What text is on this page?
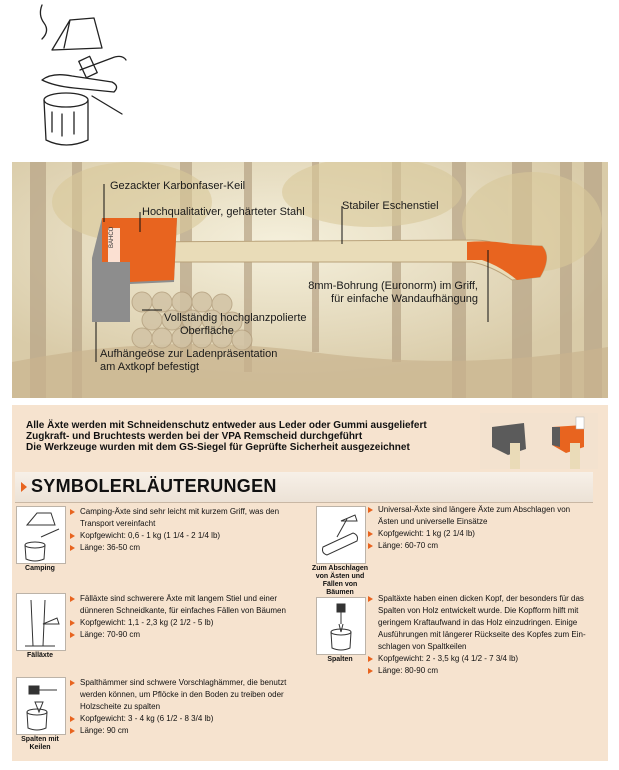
BAHCO
Gezackter Karbonfaser-Keil
Hochqualitativer, gehärteter Stahl	Stabiler Eschenstiel
8mm-Bohrung (Euronorm) im Griff,
für einfache Wandaufhängung
Vollständig hochglanzpolierte
Oberfläche
Aufhängeöse zur Ladenpräsentation
am Axtkopf befestigt
Alle Äxte werden mit Schneidenschutz entweder aus Leder oder Gummi ausgeliefert
Zugkraft- und Bruchtests werden bei der VPA Remscheid durchgeführt
Die Werkzeuge wurden mit dem GS-Siegel für Geprüfte Sicherheit ausgezeichnet
SYMBOLERLÄUTERUNGEN
Camping
Camping-Äxte sind sehr leicht mit kurzem Griff, was den
Transport vereinfacht
Kopfgewicht: 0,6 - 1 kg (1 1/4 - 2 1/4 lb)
Länge: 36-50 cm
Fälläxte
Fälläxte sind schwerere Äxte mit langem Stiel und einer
dünneren Schneidkante, für einfaches Fällen von Bäumen
Kopfgewicht: 1,1 - 2,3 kg (2 1/2 - 5 lb)
Länge: 70-90 cm
Spalten mit
Keilen
Spalthämmer sind schwere Vorschlaghämmer, die benutzt
werden können, um Pflöcke in den Boden zu treiben oder
Holzscheite zu spalten
Kopfgewicht: 3 - 4 kg (6 1/2 - 8 3/4 lb)
Länge: 90 cm
Zum Abschlagen
von Ästen und
Fällen von Bäumen
Universal-Äxte sind längere Äxte zum Abschlagen von
Ästen und universelle Einsätze
Kopfgewicht: 1 kg (2 1/4 lb)
Länge: 60-70 cm
Spalten
Spaltäxte haben einen dicken Kopf, der besonders für das
Spalten von Holz entwickelt wurde. Die Kopfform hilft mit
geringem Kraftaufwand in das Holz einzudringen. Einige
Ausführungen mit längerer Rückseite des Kopfes zum Ein-
schlagen von Spaltkeilen
Kopfgewicht: 2 - 3,5 kg (4 1/2 - 7 3/4 lb)
Länge: 80-90 cm
